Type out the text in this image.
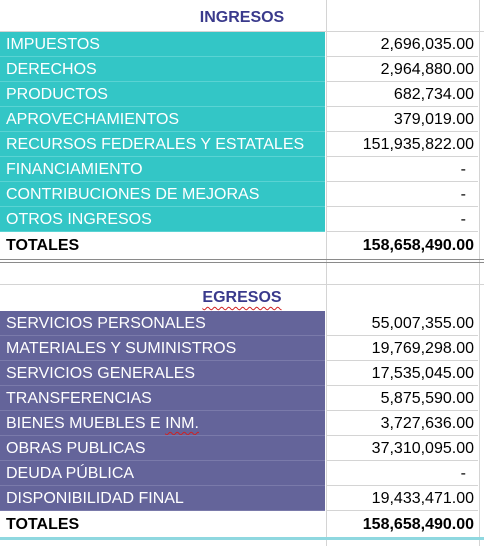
INGRESOS
IMPUESTOS	2,696,035.00
DERECHOS	2,964,880.00
PRODUCTOS	682,734.00
APROVECHAMIENTOS	379,019.00
RECURSOS FEDERALES Y ESTATALES	151,935,822.00
FINANCIAMIENTO	-
CONTRIBUCIONES DE MEJORAS	-
OTROS INGRESOS	-
TOTALES	158,658,490.00
EGRESOS
SERVICIOS PERSONALES	55,007,355.00
MATERIALES Y SUMINISTROS	19,769,298.00
SERVICIOS GENERALES	17,535,045.00
TRANSFERENCIAS	5,875,590.00
BIENES MUEBLES E INM.	3,727,636.00
OBRAS PUBLICAS	37,310,095.00
DEUDA PÚBLICA	-
DISPONIBILIDAD FINAL	19,433,471.00
TOTALES	158,658,490.00
